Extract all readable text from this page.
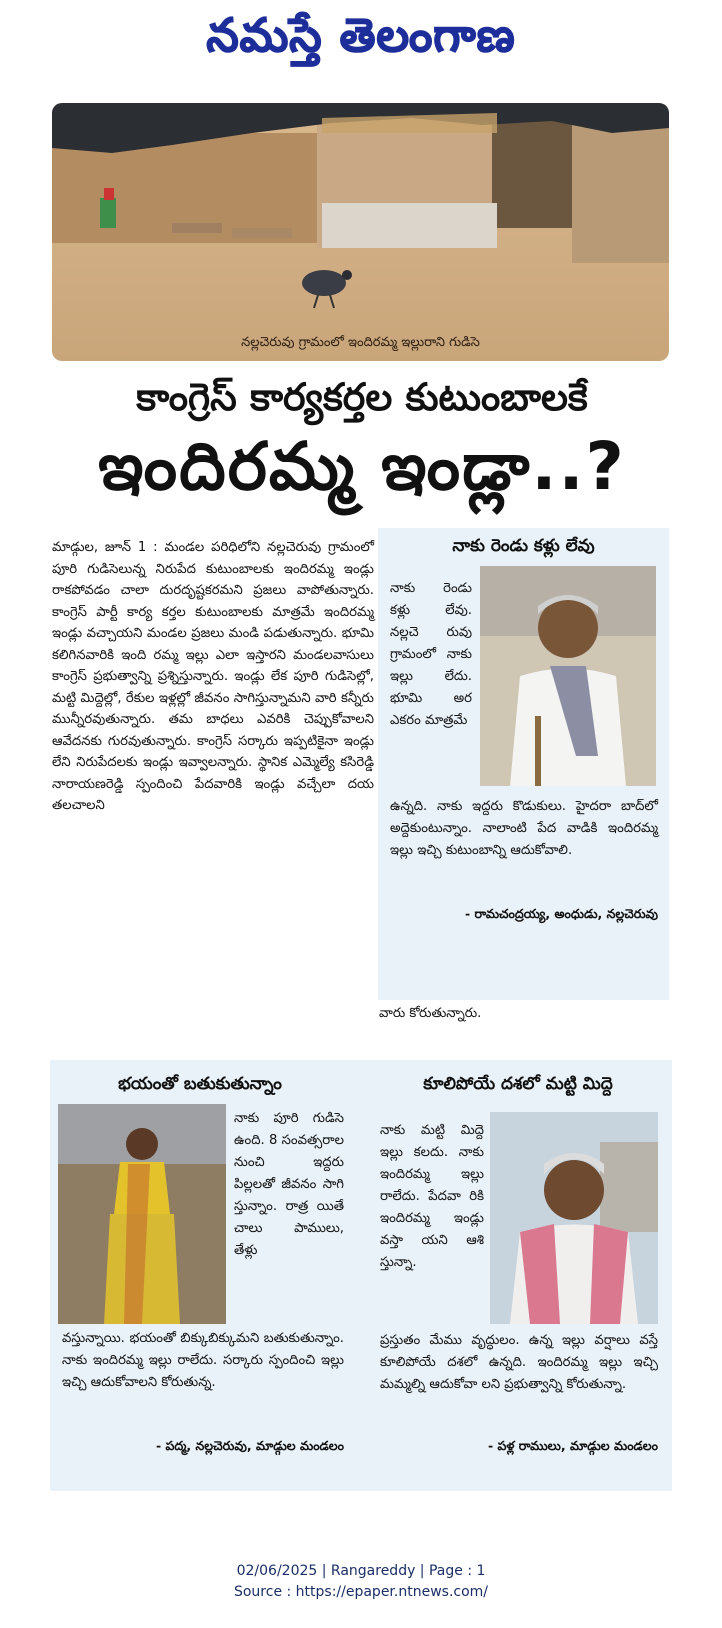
నమస్తే తెలంగాణ
నల్లచెరువు గ్రామంలో ఇందిరమ్మ ఇల్లురాని గుడిసె
కాంగ్రెస్ కార్యకర్తల కుటుంబాలకే
ఇందిరమ్మ ఇండ్లా..?
మాడ్గుల, జూన్ 1 : మండల పరిధిలోని నల్లచెరువు గ్రామంలో పూరి గుడిసెలున్న నిరుపేద కుటుంబాలకు ఇందిరమ్మ ఇండ్లు రాకపోవడం చాలా దురదృష్టకరమని ప్రజలు వాపోతున్నారు. కాంగ్రెస్ పార్టీ కార్య కర్తల కుటుంబాలకు మాత్రమే ఇందిరమ్మ ఇండ్లు వచ్చాయని మండల ప్రజలు మండి పడుతున్నారు. భూమి కలిగినవారికి ఇంది రమ్మ ఇల్లు ఎలా ఇస్తారని మండలవాసులు కాంగ్రెస్ ప్రభుత్వాన్ని ప్రశ్నిస్తున్నారు. ఇండ్లు లేక పూరి గుడిసెల్లో, మట్టి మిద్దెల్లో, రేకుల ఇళ్లల్లో జీవనం సాగిస్తున్నామని వారి కన్నీరు మున్నీరవుతున్నారు. తమ బాధలు ఎవరికి చెప్పుకోవాలని ఆవేదనకు గురవుతున్నారు. కాంగ్రెస్ సర్కారు ఇప్పటికైనా ఇండ్లు లేని నిరుపేదలకు ఇండ్లు ఇవ్వాలన్నారు. స్థానిక ఎమ్మెల్యే కసిరెడ్డి నారాయణరెడ్డి స్పందించి పేదవారికి ఇండ్లు వచ్చేలా దయ తలచాలని
నాకు రెండు కళ్లు లేవు
నాకు రెండు కళ్లు లేవు. నల్లచె రువు గ్రామంలో నాకు ఇల్లు లేదు. భూమి అర ఎకరం మాత్రమే
ఉన్నది. నాకు ఇద్దరు కొడుకులు. హైదరా బాద్‌లో అద్దెకుంటున్నాం. నాలాంటి పేద వాడికి ఇందిరమ్మ ఇల్లు ఇచ్చి కుటుంబాన్ని ఆదుకోవాలి.
- రామచంద్రయ్య, అంధుడు, నల్లచెరువు
వారు కోరుతున్నారు.
భయంతో బతుకుతున్నాం
నాకు పూరి గుడిసె ఉంది. 8 సంవత్సరాల నుంచి ఇద్దరు పిల్లలతో జీవనం సాగి స్తున్నాం. రాత్ర యితే చాలు పాములు, తేళ్లు
వస్తున్నాయి. భయంతో బిక్కుబిక్కుమని బతుకుతున్నాం. నాకు ఇందిరమ్మ ఇల్లు రాలేదు. సర్కారు స్పందించి ఇల్లు ఇచ్చి ఆదుకోవాలని కోరుతున్న.
- పద్మ, నల్లచెరువు, మాడ్గుల మండలం
కూలిపోయే దశలో మట్టి మిద్దె
నాకు మట్టి మిద్దె ఇల్లు కలదు. నాకు ఇందిరమ్మ ఇల్లు రాలేదు. పేదవా రికి ఇందిరమ్మ ఇండ్లు వస్తా యని ఆశి స్తున్నా.
ప్రస్తుతం మేము వృద్ధులం. ఉన్న ఇల్లు వర్షాలు వస్తే కూలిపోయే దశలో ఉన్నది. ఇందిరమ్మ ఇల్లు ఇచ్చి మమ్మల్ని ఆదుకోవా లని ప్రభుత్వాన్ని కోరుతున్నా.
- పళ్ల రాములు, మాడ్గుల మండలం
02/06/2025 | Rangareddy | Page : 1
Source : https://epaper.ntnews.com/
